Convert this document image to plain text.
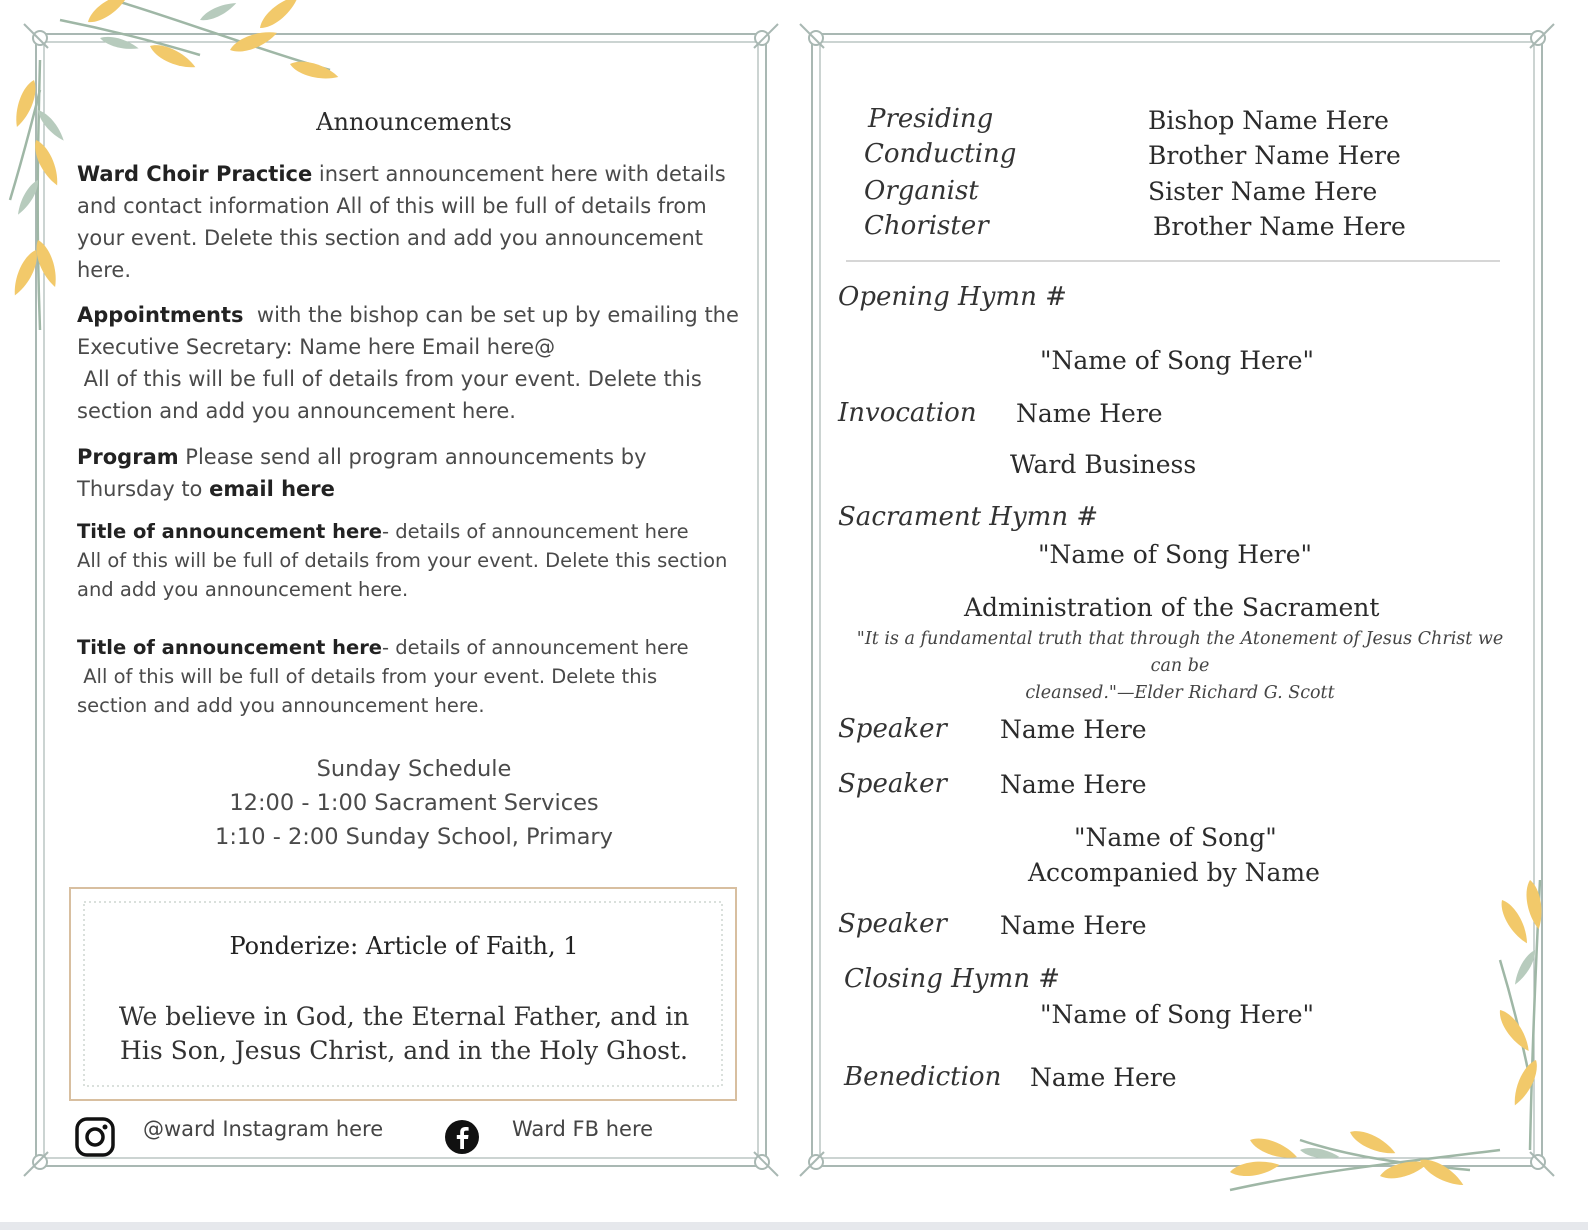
Announcements
Ward Choir Practice insert announcement here with details and contact information All of this will be full of details from your event. Delete this section and add you announcement here.
Appointments  with the bishop can be set up by emailing the
Executive Secretary: Name here Email here@
All of this will be full of details from your event. Delete this
section and add you announcement here.
Program Please send all program announcements by
Thursday to email here
Title of announcement here- details of announcement here
All of this will be full of details from your event. Delete this section and add you announcement here.
Title of announcement here- details of announcement here
All of this will be full of details from your event. Delete this
section and add you announcement here.
Sunday Schedule
12:00 - 1:00 Sacrament Services
1:10 - 2:00 Sunday School, Primary
Ponderize: Article of Faith, 1
We believe in God, the Eternal Father, and in
His Son, Jesus Christ, and in the Holy Ghost.
@ward Instagram here	Ward FB here
Presiding	Bishop Name Here
Conducting	Brother Name Here
Organist	Sister Name Here
Chorister	Brother Name Here
Opening Hymn #
"Name of Song Here"
Invocation Name Here
Ward Business
Sacrament Hymn #
"Name of Song Here"
Administration of the Sacrament
"It is a fundamental truth that through the Atonement of Jesus Christ we can be
cleansed."—Elder Richard G. Scott
Speaker Name Here
Speaker Name Here
"Name of Song"
Accompanied by Name
Speaker Name Here
Closing Hymn #
"Name of Song Here"
Benediction Name Here
